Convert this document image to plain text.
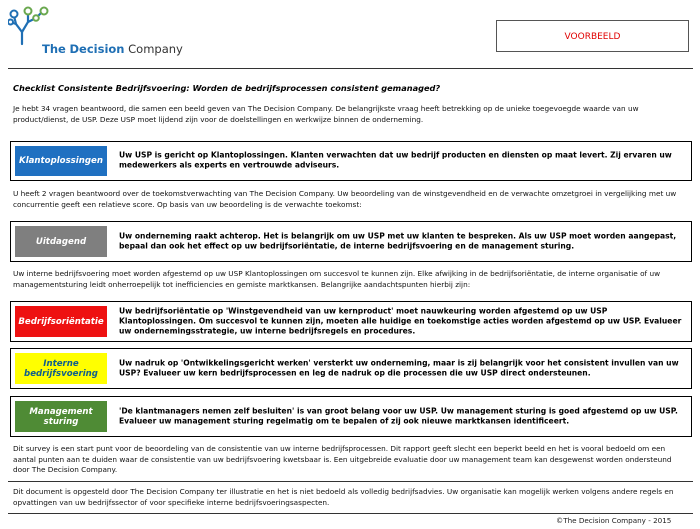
The Decision Company
VOORBEELD
Checklist Consistente Bedrijfsvoering: Worden de bedrijfsprocessen consistent gemanaged?
Je hebt 34 vragen beantwoord, die samen een beeld geven van The Decision Company. De belangrijkste vraag heeft betrekking op de unieke toegevoegde waarde van uw product/dienst, de USP. Deze USP moet lijdend zijn voor de doelstellingen en werkwijze binnen de onderneming.
Klantoplossingen
Uw USP is gericht op Klantoplossingen. Klanten verwachten dat uw bedrijf producten en diensten op maat levert. Zij ervaren uw medewerkers als experts en vertrouwde adviseurs.
U heeft 2 vragen beantwoord over de toekomstverwachting van The Decision Company. Uw beoordeling van de winstgevendheid en de verwachte omzetgroei in vergelijking met uw concurrentie geeft een relatieve score. Op basis van uw beoordeling is de verwachte toekomst:
Uitdagend
Uw onderneming raakt achterop. Het is belangrijk om uw USP met uw klanten te bespreken. Als uw USP moet worden aangepast, bepaal dan ook het effect op uw bedrijfsoriëntatie, de interne bedrijfsvoering en de management sturing.
Uw interne bedrijfsvoering moet worden afgestemd op uw USP Klantoplossingen om succesvol te kunnen zijn. Elke afwijking in de bedrijfsoriëntatie, de interne organisatie of uw managementsturing leidt onherroepelijk tot inefficiencies en gemiste marktkansen. Belangrijke aandachtspunten hierbij zijn:
Bedrijfsoriëntatie
Uw bedrijfsoriëntatie op 'Winstgevendheid van uw kernproduct' moet nauwkeuring worden afgestemd op uw USP Klantoplossingen. Om succesvol te kunnen zijn, moeten alle huidige en toekomstige acties worden afgestemd op uw USP. Evalueer uw ondernemingsstrategie, uw interne bedrijfsregels en procedures.
Interne bedrijfsvoering
Uw nadruk op 'Ontwikkelingsgericht werken' versterkt uw onderneming, maar is zij belangrijk voor het consistent invullen van uw USP? Evalueer uw kern bedrijfsprocessen en leg de nadruk op die processen die uw USP direct ondersteunen.
Management sturing
'De klantmanagers nemen zelf besluiten' is van groot belang voor uw USP. Uw management sturing is goed afgestemd op uw USP. Evalueer uw management sturing regelmatig om te bepalen of zij ook nieuwe marktkansen identificeert.
Dit survey is een start punt voor de beoordeling van de consistentie van uw interne bedrijfsprocessen. Dit rapport geeft slecht een beperkt beeld en het is vooral bedoeld om een aantal punten aan te duiden waar de consistentie van uw bedrijfsvoering kwetsbaar is. Een uitgebreide evaluatie door uw management team kan desgewenst worden ondersteund door The Decision Company.
Dit document is opgesteld door The Decision Company ter illustratie en het is niet bedoeld als volledig bedrijfsadvies. Uw organisatie kan mogelijk werken volgens andere regels en opvattingen van uw bedrijfssector of voor specifieke interne bedrijfsvoeringsaspecten.
©The Decision Company - 2015
